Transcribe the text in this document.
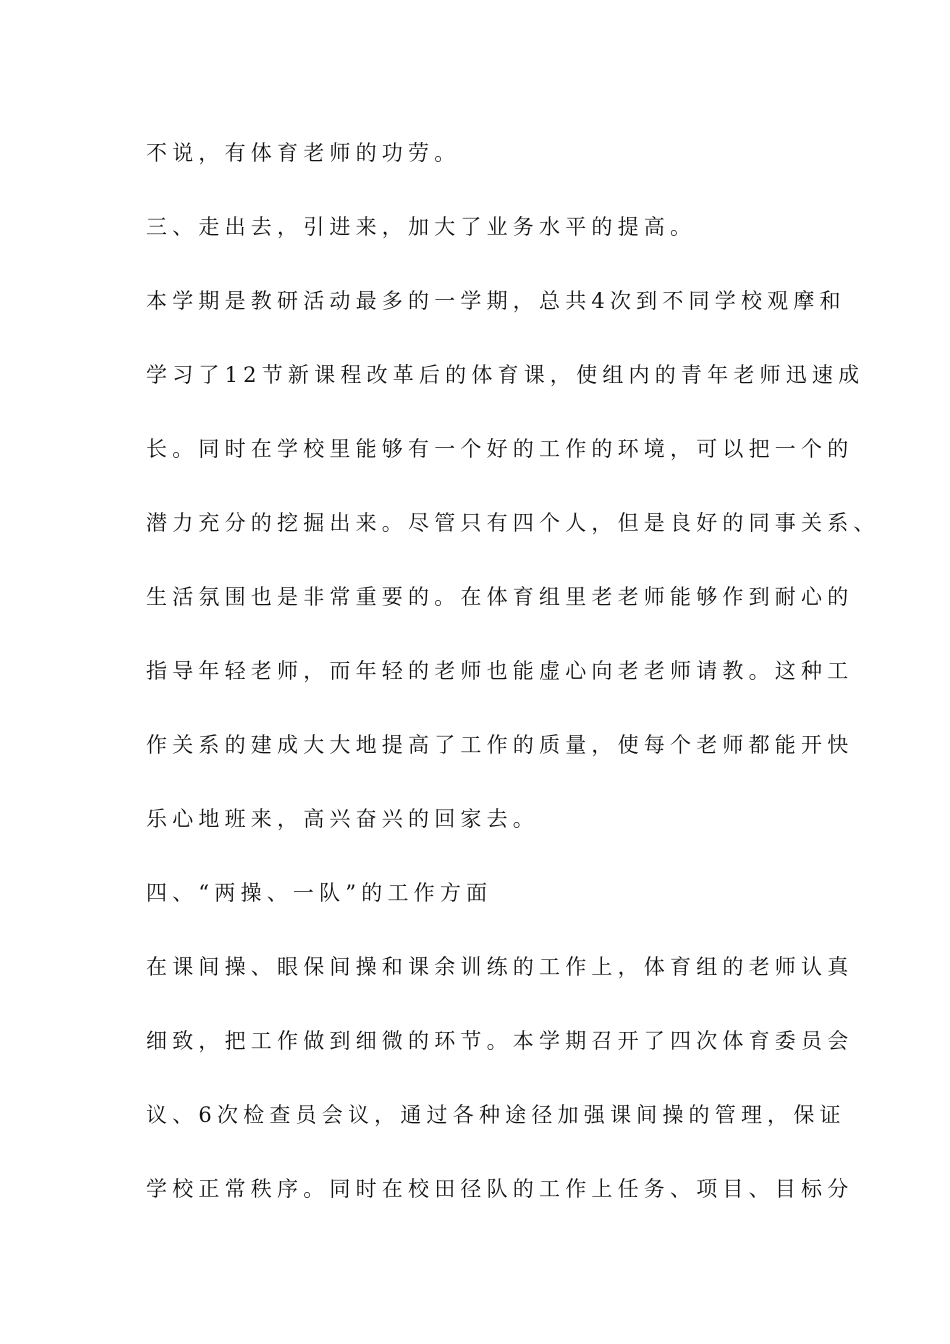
不说，有体育老师的功劳。
三、走出去，引进来，加大了业务水平的提高。
本学期是教研活动最多的一学期，总共4次到不同学校观摩和
学习了12节新课程改革后的体育课，使组内的青年老师迅速成
长。同时在学校里能够有一个好的工作的环境，可以把一个的
潜力充分的挖掘出来。尽管只有四个人，但是良好的同事关系、
生活氛围也是非常重要的。在体育组里老老师能够作到耐心的
指导年轻老师，而年轻的老师也能虚心向老老师请教。这种工
作关系的建成大大地提高了工作的质量，使每个老师都能开快
乐心地班来，高兴奋兴的回家去。
四、“两操、一队”的工作方面
在课间操、眼保间操和课余训练的工作上，体育组的老师认真
细致，把工作做到细微的环节。本学期召开了四次体育委员会
议、6次检查员会议，通过各种途径加强课间操的管理，保证
学校正常秩序。同时在校田径队的工作上任务、项目、目标分
